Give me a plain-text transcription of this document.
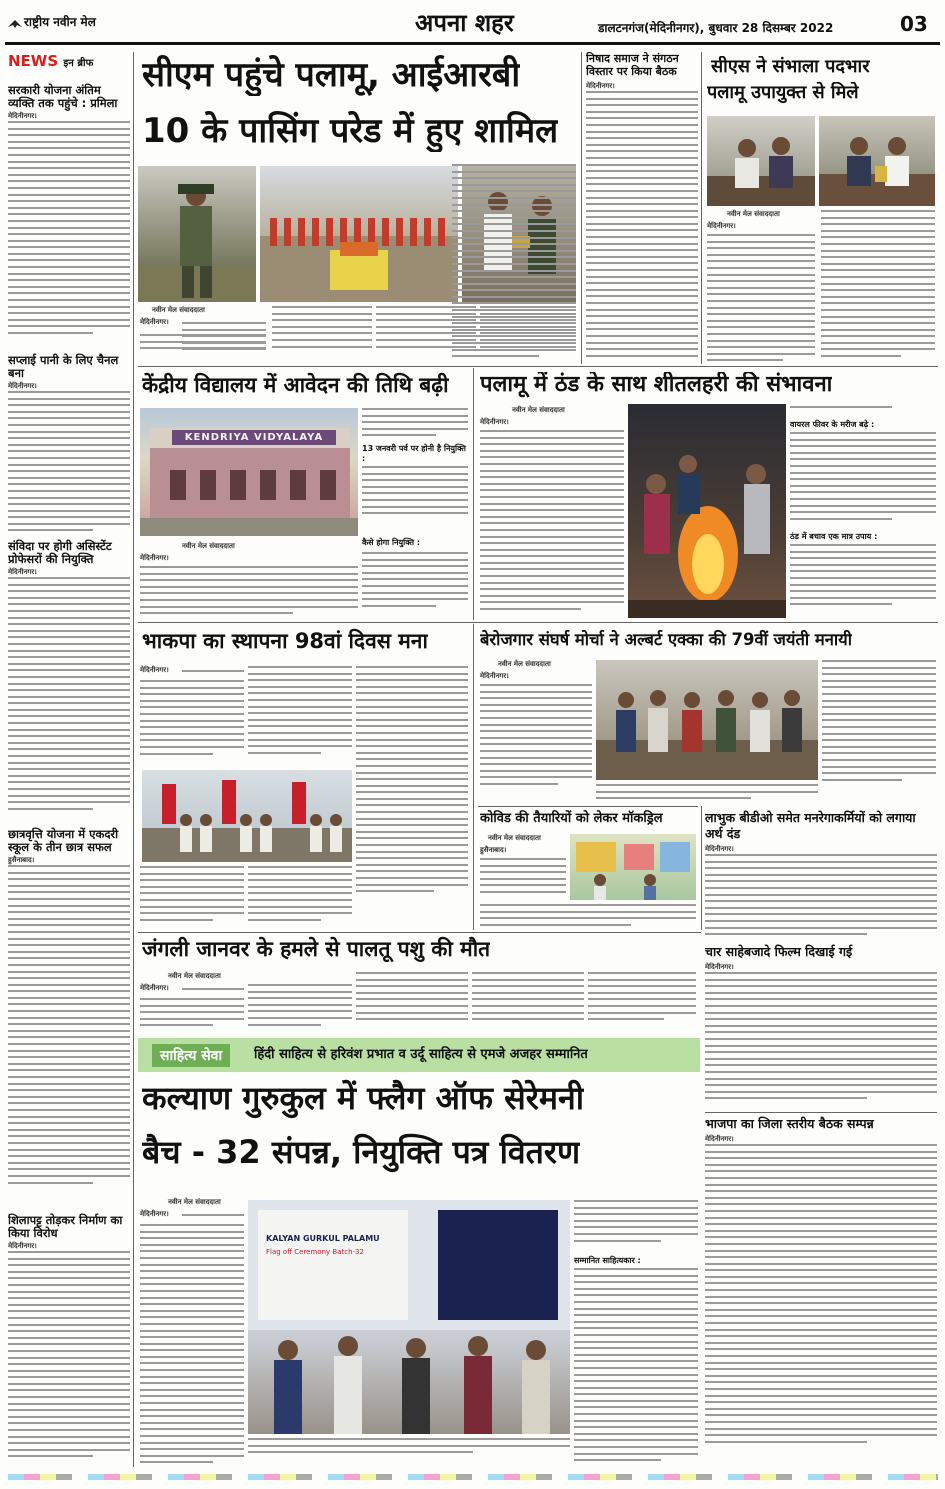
राष्ट्रीय नवीन मेल	अपना शहर	डालटनगंज(मेदिनीनगर), बुधवार 28 दिसम्बर 2022	03
NEWS इन ब्रीफ
सरकारी योजना अंतिम व्यक्ति तक पहुंचे : प्रमिला
मेदिनीनगर।
सप्लाई पानी के लिए चैनल बना
मेदिनीनगर।
संविदा पर होगी असिस्टेंट प्रोफेसरों की नियुक्ति
मेदिनीनगर।
छात्रवृत्ति योजना में एकदरी स्कूल के तीन छात्र सफल
हुसैनाबाद।
शिलापट्ट तोड़कर निर्माण का किया विरोध
मेदिनीनगर।
सीएम पहुंचे पलामू, आईआरबी
10 के पासिंग परेड में हुए शामिल
नवीन मेल संवाददाता
मेदिनीनगर।
निषाद समाज ने संगठन विस्तार पर किया बैठक
मेदिनीनगर।
सीएस ने संभाला पदभार
पलामू उपायुक्त से मिले
नवीन मेल संवाददाता
मेदिनीनगर।
केंद्रीय विद्यालय में आवेदन की तिथि बढ़ी
KENDRIYA VIDYALAYA
13 जनवरी पर्व पर होनी है नियुक्ति :
नवीन मेल संवाददाता
मेदिनीनगर।
कैसे होगा नियुक्ति :
पलामू में ठंड के साथ शीतलहरी की संभावना
नवीन मेल संवाददाता
मेदिनीनगर।	वायरल फीवर के मरीज बढ़े :
ठंड में बचाव एक मात्र उपाय :
भाकपा का स्थापना 98वां दिवस मना
मेदिनीनगर।
बेरोजगार संघर्ष मोर्चा ने अल्बर्ट एक्का की 79वीं जयंती मनायी
नवीन मेल संवाददाता
मेदिनीनगर।
कोविड की तैयारियों को लेकर मॉकड्रिल
नवीन मेल संवाददाता
हुसैनाबाद।
लाभुक बीडीओ समेत मनरेगाकर्मियों को लगाया अर्थ दंड
मेदिनीनगर।
चार साहेबजादे फिल्म दिखाई गई
मेदिनीनगर।
जंगली जानवर के हमले से पालतू पशु की मौत
नवीन मेल संवाददाता
मेदिनीनगर।
साहित्य सेवा	हिंदी साहित्य से हरिवंश प्रभात व उर्दू साहित्य से एमजे अजहर सम्मानित
भाजपा का जिला स्तरीय बैठक सम्पन्न
मेदिनीनगर।
कल्याण गुरुकुल में फ्लैग ऑफ सेरेमनी
बैच - 32 संपन्न, नियुक्ति पत्र वितरण
नवीन मेल संवाददाता
मेदिनीनगर।
KALYAN GURKUL PALAMU
Flag off Ceremony Batch-32
सम्मानित साहित्यकार :
